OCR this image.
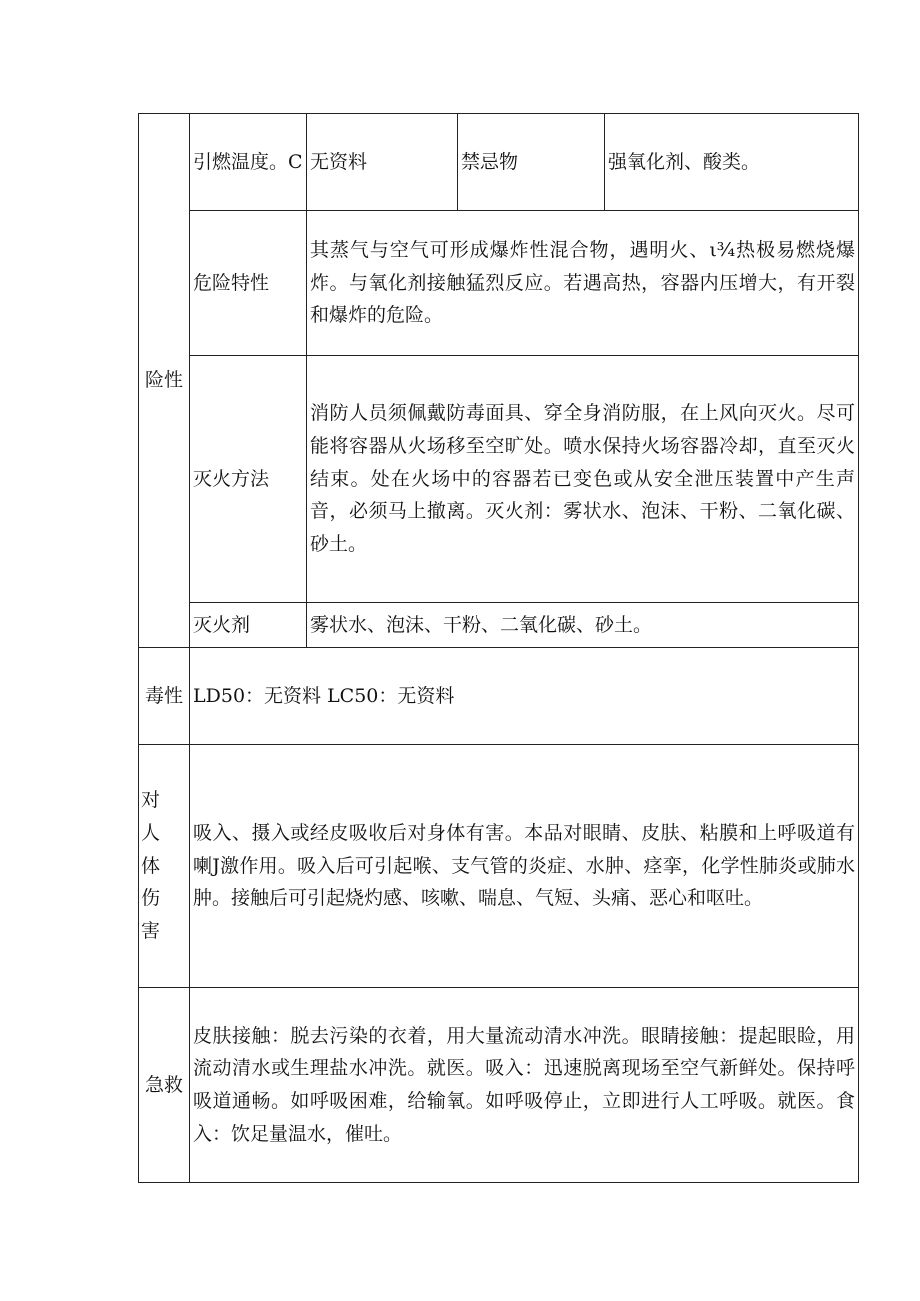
险性	引燃温度。C	无资料	禁忌物	强氧化剂、酸类。
	危险特性	其蒸气与空气可形成爆炸性混合物，遇明火、ι¾热极易燃烧爆炸。与氧化剂接触猛烈反应。若遇高热，容器内压增大，有开裂和爆炸的危险。		
	灭火方法	消防人员须佩戴防毒面具、穿全身消防服，在上风向灭火。尽可能将容器从火场移至空旷处。喷水保持火场容器冷却，直至灭火结束。处在火场中的容器若已变色或从安全泄压装置中产生声音，必须马上撤离。灭火剂：雾状水、泡沫、干粉、二氧化碳、砂土。		
	灭火剂	雾状水、泡沫、干粉、二氧化碳、砂土。		

毒性	LD50：无资料 LC50：无资料			
对人体伤害	吸入、摄入或经皮吸收后对身体有害。本品对眼睛、皮肤、粘膜和上呼吸道有喇J激作用。吸入后可引起喉、支气管的炎症、水肿、痉挛，化学性肺炎或肺水肿。接触后可引起烧灼感、咳嗽、喘息、气短、头痛、恶心和呕吐。			

急救	皮肤接触：脱去污染的衣着，用大量流动清水冲洗。眼睛接触：提起眼睑，用流动清水或生理盐水冲洗。就医。吸入：迅速脱离现场至空气新鲜处。保持呼吸道通畅。如呼吸困难，给输氧。如呼吸停止，立即进行人工呼吸。就医。食入：饮足量温水，催吐。			
